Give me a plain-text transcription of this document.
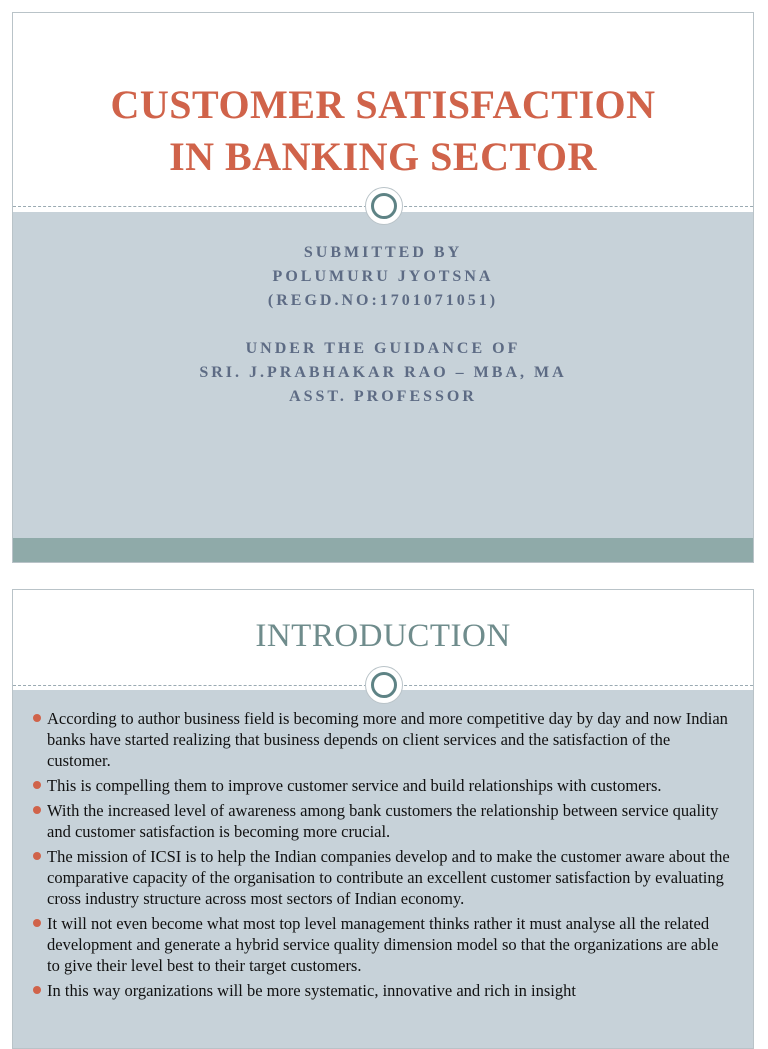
CUSTOMER SATISFACTION
IN BANKING SECTOR
SUBMITTED BY
POLUMURU JYOTSNA
(REGD.NO:1701071051)
UNDER THE GUIDANCE OF
SRI. J.PRABHAKAR RAO – MBA, MA
ASST. PROFESSOR
INTRODUCTION
According to author business field is becoming more and more competitive day by day and now Indian banks have started realizing that business depends on client services and the satisfaction of the customer.
This is compelling them to improve customer service and build relationships with customers.
With the increased level of awareness among bank customers the relationship between service quality and customer satisfaction is becoming more crucial.
The mission of ICSI is to help the Indian companies develop and to make the customer aware about the comparative capacity of the organisation to contribute an excellent customer satisfaction by evaluating cross industry structure across most sectors of Indian economy.
It will not even become what most top level management thinks rather it must analyse all the related development and generate a hybrid service quality dimension model so that the organizations are able to give their level best to their target customers.
In this way organizations will be more systematic, innovative and rich in insight
